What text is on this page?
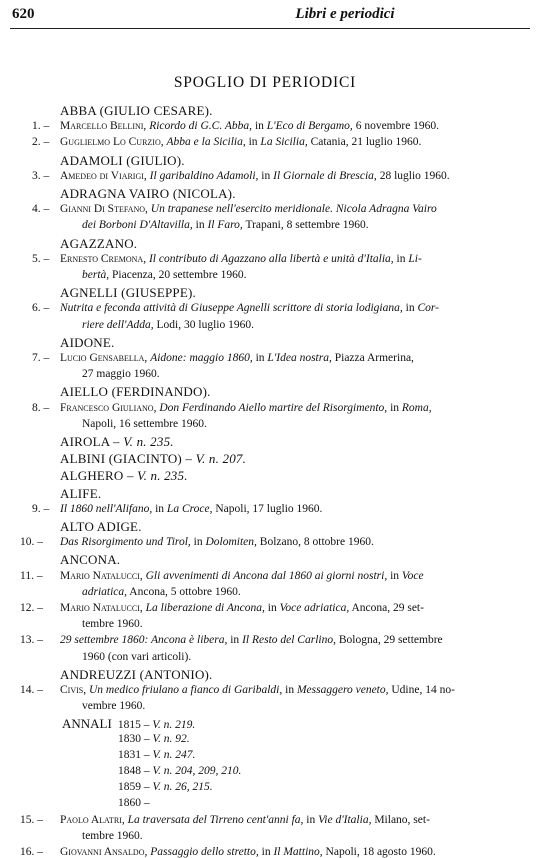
620	Libri e periodici
SPOGLIO DI PERIODICI
ABBA (GIULIO CESARE).
1. – Marcello Bellini, Ricordo di G.C. Abba, in L'Eco di Bergamo, 6 novembre 1960.
2. – Guglielmo Lo Curzio, Abba e la Sicilia, in La Sicilia, Catania, 21 luglio 1960.
ADAMOLI (GIULIO).
3. – Amedeo di Viarigi, Il garibaldino Adamoli, in Il Giornale di Brescia, 28 luglio 1960.
ADRAGNA VAIRO (NICOLA).
4. – Gianni Di Stefano, Un trapanese nell'esercito meridionale. Nicola Adragna Vairo
dei Borboni D'Altavilla, in Il Faro, Trapani, 8 settembre 1960.
AGAZZANO.
5. – Ernesto Cremona, Il contributo di Agazzano alla libertà e unità d'Italia, in Li-
bertà, Piacenza, 20 settembre 1960.
AGNELLI (GIUSEPPE).
6. – Nutrita e feconda attività di Giuseppe Agnelli scrittore di storia lodigiana, in Cor-
riere dell'Adda, Lodi, 30 luglio 1960.
AIDONE.
7. – Lucio Gensabella, Aidone: maggio 1860, in L'Idea nostra, Piazza Armerina,
27 maggio 1960.
AIELLO (FERDINANDO).
8. – Francesco Giuliano, Don Ferdinando Aiello martire del Risorgimento, in Roma,
Napoli, 16 settembre 1960.
AIROLA – V. n. 235.
ALBINI (GIACINTO) – V. n. 207.
ALGHERO – V. n. 235.
ALIFE.
9. – Il 1860 nell'Alifano, in La Croce, Napoli, 17 luglio 1960.
ALTO ADIGE.
10. – Das Risorgimento und Tirol, in Dolomiten, Bolzano, 8 ottobre 1960.
ANCONA.
11. – Mario Natalucci, Gli avvenimenti di Ancona dal 1860 ai giorni nostri, in Voce
adriatica, Ancona, 5 ottobre 1960.
12. – Mario Natalucci, La liberazione di Ancona, in Voce adriatica, Ancona, 29 set-
tembre 1960.
13. – 29 settembre 1860: Ancona è libera, in Il Resto del Carlino, Bologna, 29 settembre
1960 (con vari articoli).
ANDREUZZI (ANTONIO).
14. – Civis, Un medico friulano a fianco di Garibaldi, in Messaggero veneto, Udine, 14 no-
vembre 1960.
ANNALI 1815 – V. n. 219.
1830 – V. n. 92.
1831 – V. n. 247.
1848 – V. n. 204, 209, 210.
1859 – V. n. 26, 215.
1860 –
15. – Paolo Alatri, La traversata del Tirreno cent'anni fa, in Vie d'Italia, Milano, set-
tembre 1960.
16. – Giovanni Ansaldo, Passaggio dello stretto, in Il Mattino, Napoli, 18 agosto 1960.
